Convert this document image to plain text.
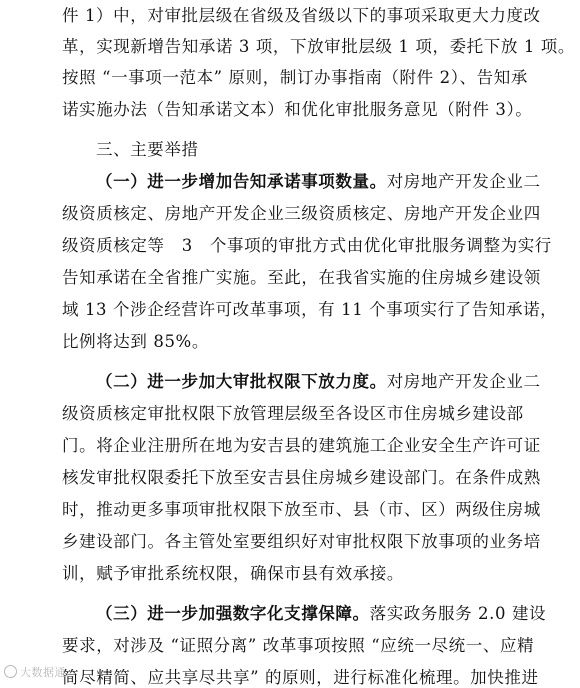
件 1）中，对审批层级在省级及省级以下的事项采取更大力度改
革，实现新增告知承诺 3 项，下放审批层级 1 项，委托下放 1 项。
按照 “一事项一范本” 原则，制订办事指南（附件 2）、告知承
诺实施办法（告知承诺文本）和优化审批服务意见（附件 3）。
三、主要举措
（一）进一步增加告知承诺事项数量。对房地产开发企业二
级资质核定、房地产开发企业三级资质核定、房地产开发企业四
级资质核定等　3　个事项的审批方式由优化审批服务调整为实行
告知承诺在全省推广实施。至此，在我省实施的住房城乡建设领
域 13 个涉企经营许可改革事项，有 11 个事项实行了告知承诺，
比例将达到 85%。
（二）进一步加大审批权限下放力度。对房地产开发企业二
级资质核定审批权限下放管理层级至各设区市住房城乡建设部
门。将企业注册所在地为安吉县的建筑施工企业安全生产许可证
核发审批权限委托下放至安吉县住房城乡建设部门。在条件成熟
时，推动更多事项审批权限下放至市、县（市、区）两级住房城
乡建设部门。各主管处室要组织好对审批权限下放事项的业务培
训，赋予审批系统权限，确保市县有效承接。
（三）进一步加强数字化支撑保障。落实政务服务 2.0 建设
要求，对涉及 “证照分离” 改革事项按照 “应统一尽统一、应精
简尽精简、应共享尽共享” 的原则，进行标准化梳理。加快推进
大数据通
